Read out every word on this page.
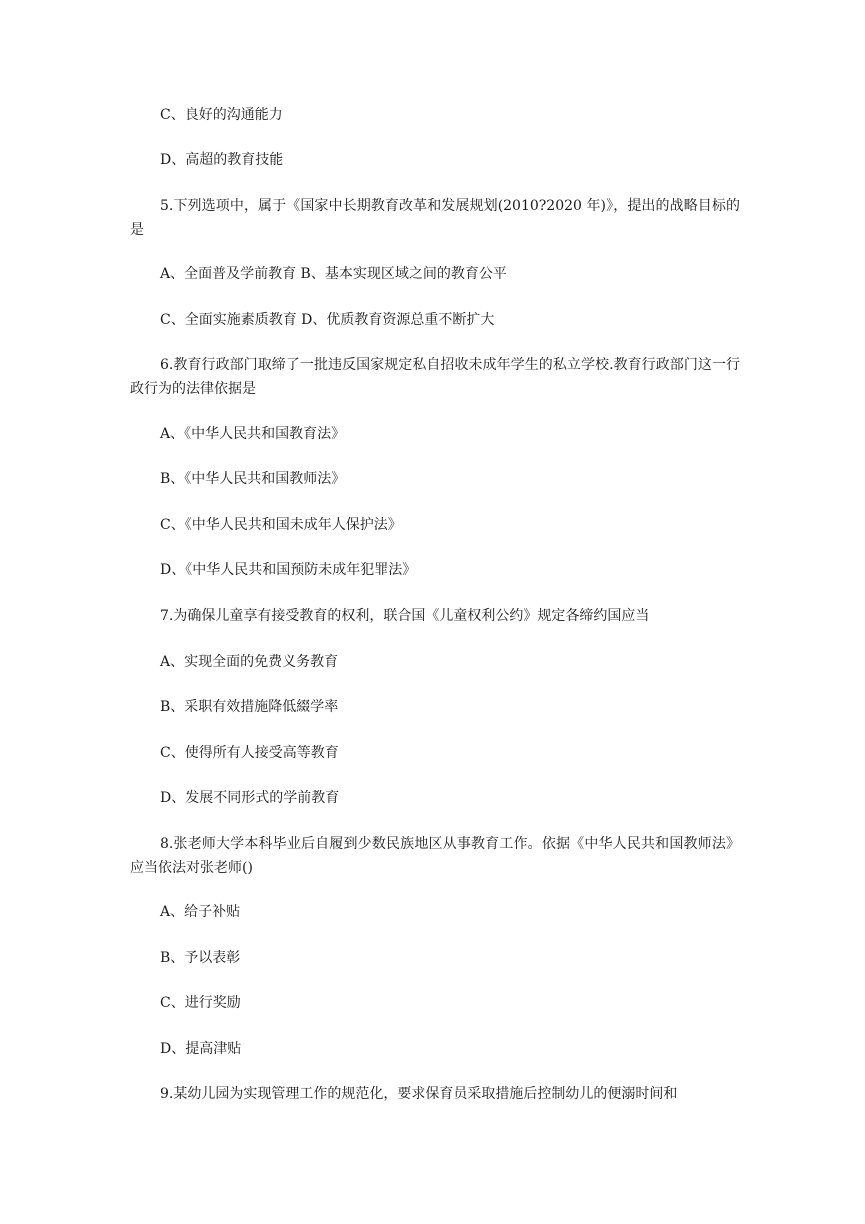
C、良好的沟通能力
D、高超的教育技能
5.下列选项中，属于《国家中长期教育改革和发展规划(2010?2020 年)》，提出的战略目标的是
A、全面普及学前教育 B、基本实现区域之间的教育公平
C、全面实施素质教育 D、优质教育资源总重不断扩大
6.教育行政部门取缔了一批违反国家规定私自招收未成年学生的私立学校.教育行政部门这一行政行为的法律依据是
A、《中华人民共和国教育法》
B、《中华人民共和国教师法》
C、《中华人民共和国未成年人保护法》
D、《中华人民共和国预防未成年犯罪法》
7.为确保儿童享有接受教育的权利，联合国《儿童权利公约》规定各缔约国应当
A、实现全面的免费义务教育
B、采职有效措施降低綴学率
C、使得所有人接受高等教育
D、发展不同形式的学前教育
8.张老师大学本科毕业后自履到少数民族地区从事教育工作。依据《中华人民共和国教师法》应当依法对张老师()
A、给子补贴
B、予以表彰
C、进行奖励
D、提高津贴
9.某幼儿园为实现管理工作的规范化，要求保育员采取措施后控制幼儿的便溺时间和
